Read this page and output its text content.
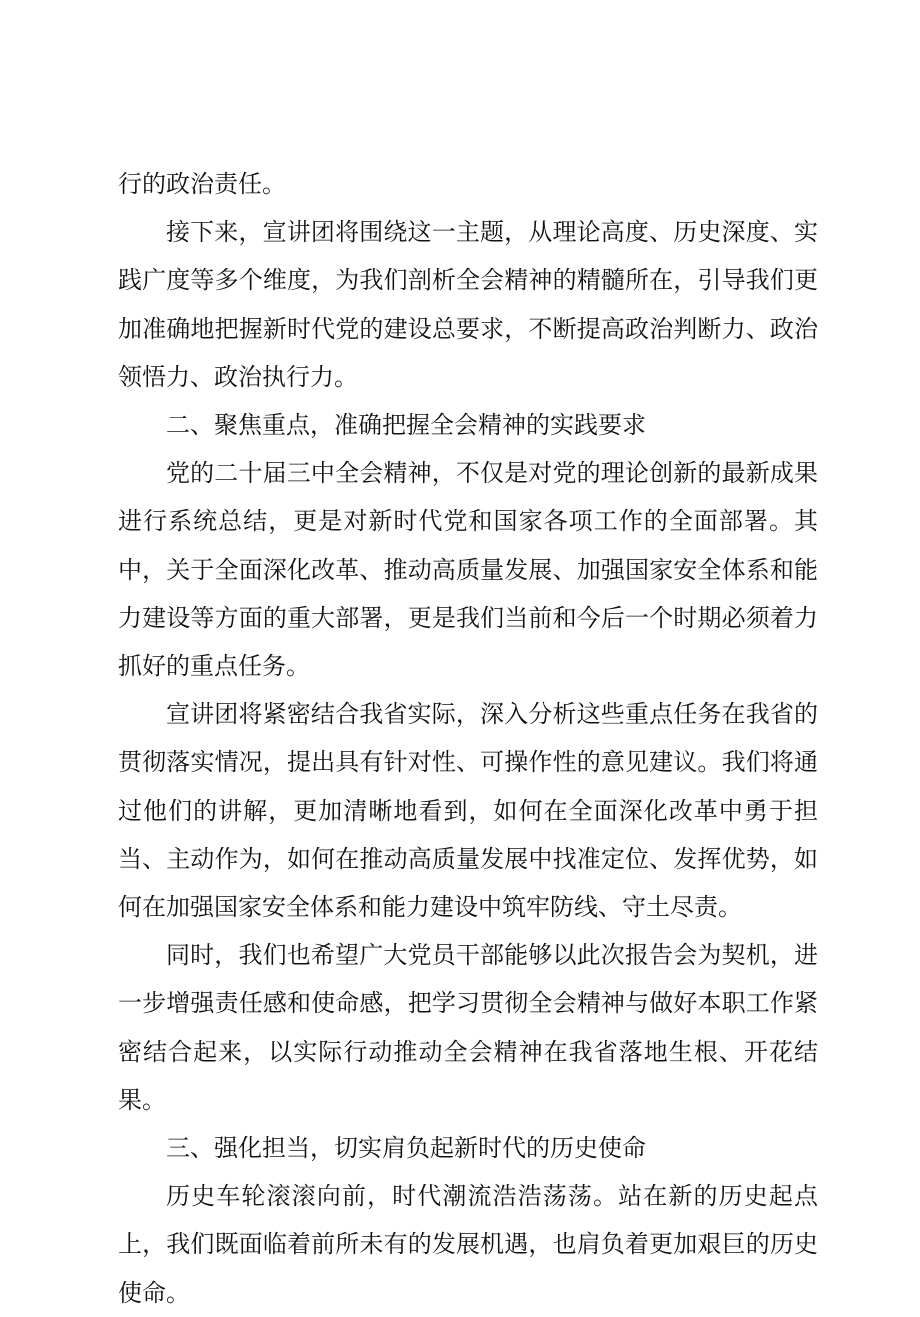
行的政治责任。

接下来，宣讲团将围绕这一主题，从理论高度、历史深度、实践广度等多个维度，为我们剖析全会精神的精髓所在，引导我们更加准确地把握新时代党的建设总要求，不断提高政治判断力、政治领悟力、政治执行力。

二、聚焦重点，准确把握全会精神的实践要求

党的二十届三中全会精神，不仅是对党的理论创新的最新成果进行系统总结，更是对新时代党和国家各项工作的全面部署。其中，关于全面深化改革、推动高质量发展、加强国家安全体系和能力建设等方面的重大部署，更是我们当前和今后一个时期必须着力抓好的重点任务。

宣讲团将紧密结合我省实际，深入分析这些重点任务在我省的贯彻落实情况，提出具有针对性、可操作性的意见建议。我们将通过他们的讲解，更加清晰地看到，如何在全面深化改革中勇于担当、主动作为，如何在推动高质量发展中找准定位、发挥优势，如何在加强国家安全体系和能力建设中筑牢防线、守土尽责。

同时，我们也希望广大党员干部能够以此次报告会为契机，进一步增强责任感和使命感，把学习贯彻全会精神与做好本职工作紧密结合起来，以实际行动推动全会精神在我省落地生根、开花结果。

三、强化担当，切实肩负起新时代的历史使命

历史车轮滚滚向前，时代潮流浩浩荡荡。站在新的历史起点上，我们既面临着前所未有的发展机遇，也肩负着更加艰巨的历史使命。
